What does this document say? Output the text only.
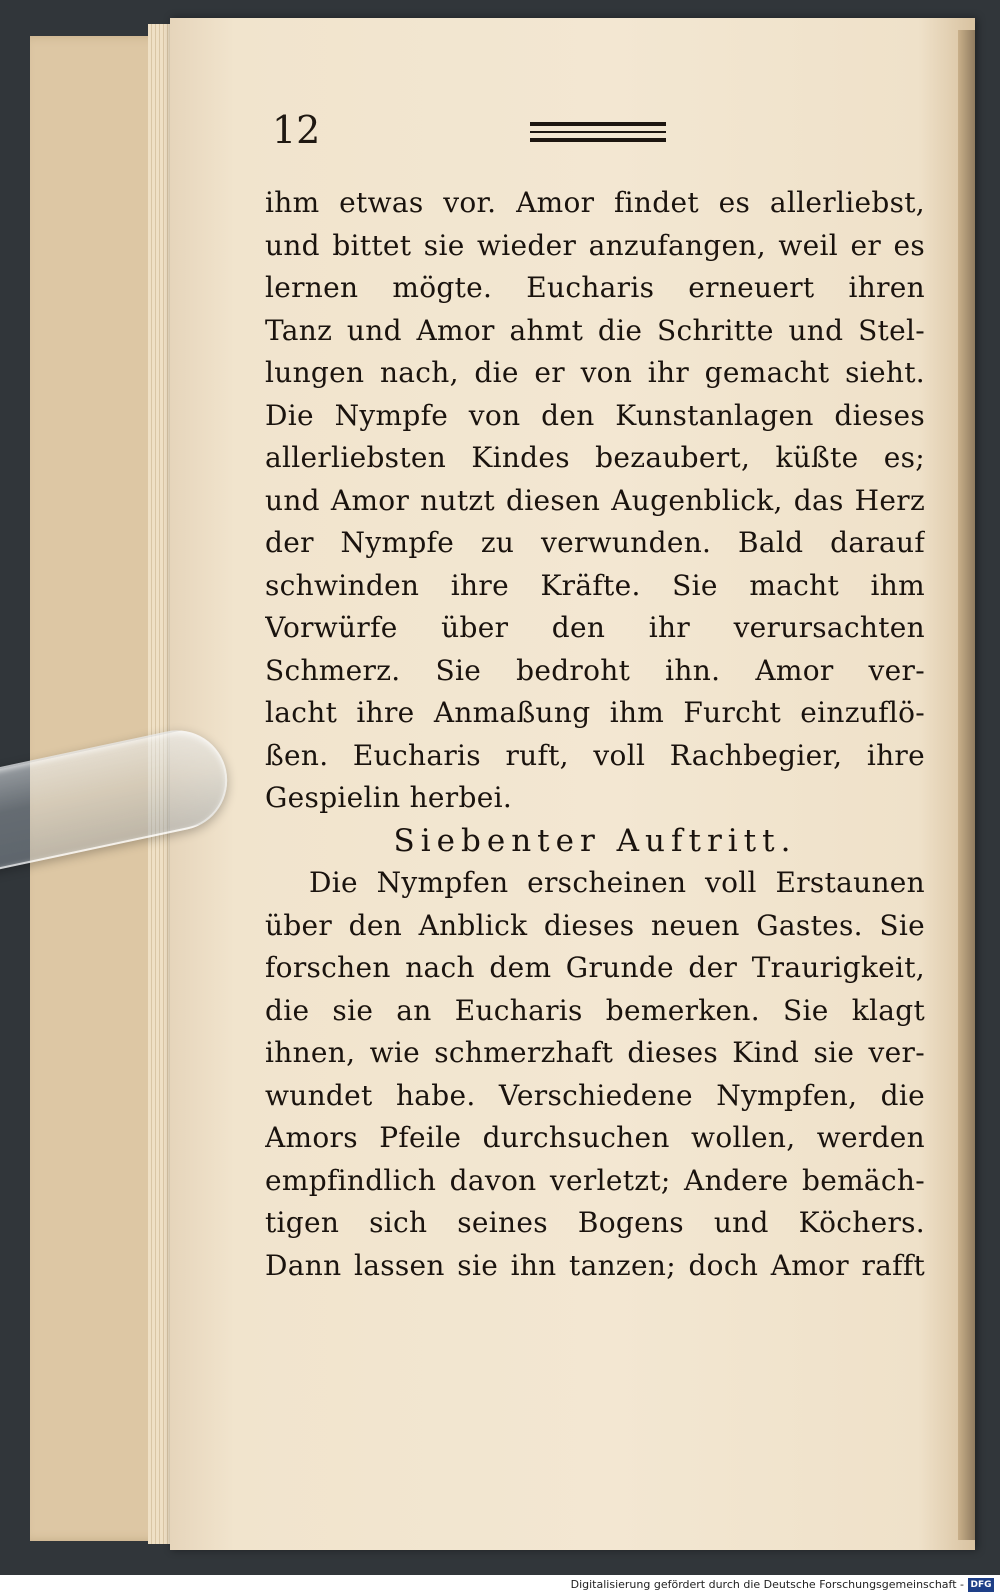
12
ihm etwas vor. Amor findet es allerliebst,
und bittet sie wieder anzufangen, weil er es
lernen mögte. Eucharis erneuert ihren
Tanz und Amor ahmt die Schritte und Stel-
lungen nach, die er von ihr gemacht sieht.
Die Nympfe von den Kunstanlagen dieses
allerliebsten Kindes bezaubert, küßte es;
und Amor nutzt diesen Augenblick, das Herz
der Nympfe zu verwunden. Bald darauf
schwinden ihre Kräfte. Sie macht ihm
Vorwürfe über den ihr verursachten
Schmerz. Sie bedroht ihn. Amor ver-
lacht ihre Anmaßung ihm Furcht einzuflö-
ßen. Eucharis ruft, voll Rachbegier, ihre
Gespielin herbei.
Siebenter Auftritt.
Die Nympfen erscheinen voll Erstaunen
über den Anblick dieses neuen Gastes. Sie
forschen nach dem Grunde der Traurigkeit,
die sie an Eucharis bemerken. Sie klagt
ihnen, wie schmerzhaft dieses Kind sie ver-
wundet habe. Verschiedene Nympfen, die
Amors Pfeile durchsuchen wollen, werden
empfindlich davon verletzt; Andere bemäch-
tigen sich seines Bogens und Köchers.
Dann lassen sie ihn tanzen; doch Amor rafft
Digitalisierung gefördert durch die Deutsche Forschungsgemeinschaft - DFG
